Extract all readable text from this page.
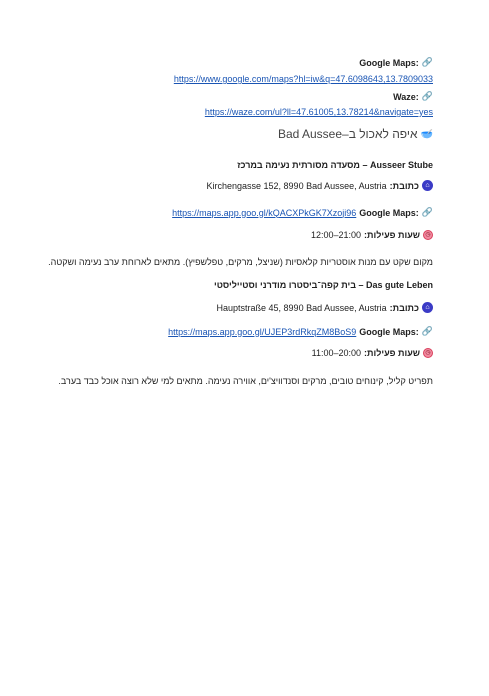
🔗
Google Maps:
https://www.google.com/maps?hl=iw&q=47.6098643,13.7809033
🔗
Waze:
https://waze.com/ul?ll=47.61005,13.78214&navigate=yes
🥣
איפה לאכול ב–Bad Aussee
Ausseer Stube – מסעדה מסורתית נעימה במרכז
⌂
כתובת:
Kirchengasse 152, 8990 Bad Aussee, Austria
🔗
Google Maps:
https://maps.app.goo.gl/kQACXPkGK7Xzoji96
◷
שעות פעילות:
12:00–21:00
מקום שקט עם מנות אוסטריות קלאסיות (שניצל, מרקים, טפלשפיץ). מתאים לארוחת ערב נעימה ושקטה.
Das gute Leben – בית קפה־ביסטרו מודרני וסטייליסטי
⌂
כתובת:
Hauptstraße 45, 8990 Bad Aussee, Austria
🔗
Google Maps:
https://maps.app.goo.gl/UJEP3rdRkqZM8BoS9
◷
שעות פעילות:
11:00–20:00
תפריט קליל, קינוחים טובים, מרקים וסנדוויצ'ים, אווירה נעימה. מתאים למי שלא רוצה אוכל כבד בערב.
